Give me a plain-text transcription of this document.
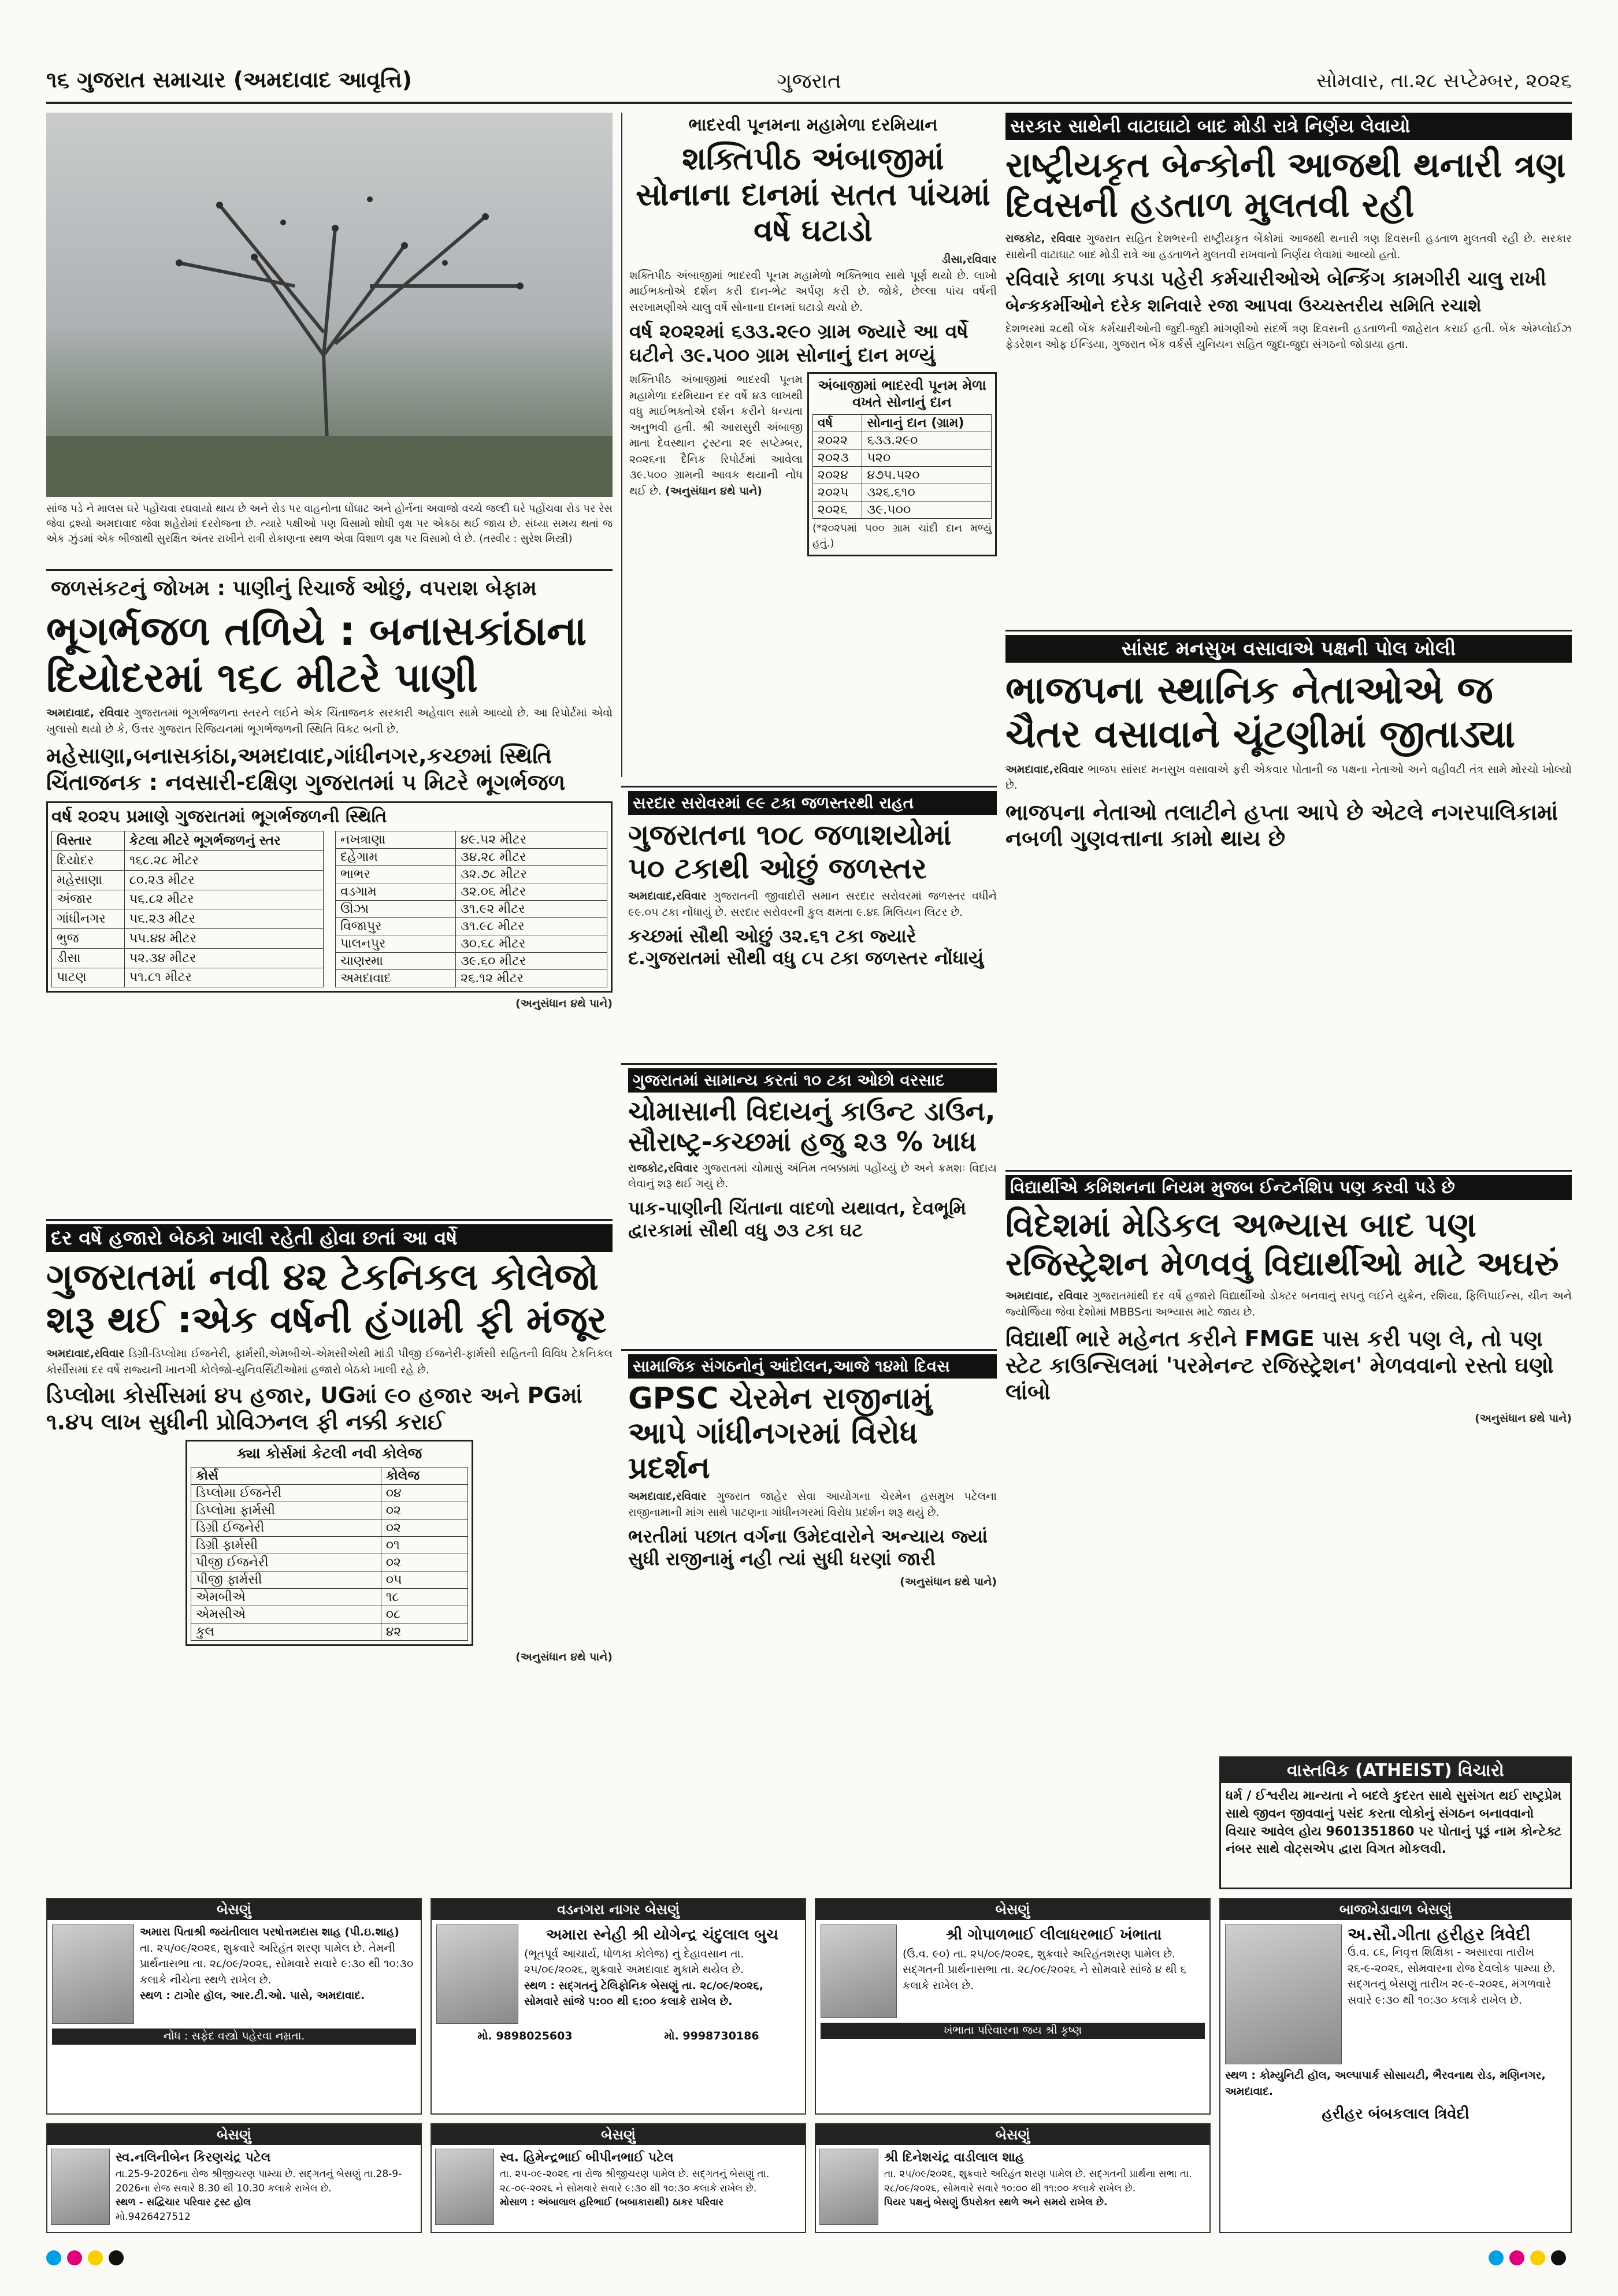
૧૬ ગુજરાત સમાચાર (અમદાવાદ આવૃત્તિ)	ગુજરાત	સોમવાર, તા.૨૮ સપ્ટેમ્બર, ૨૦૨૬
સાંજ પડે ને માલસ ઘરે પહોંચવા રઘવાયો થાય છે અને રોડ પર વાહનોના ઘોંઘાટ અને હોર્નના અવાજો વચ્ચે જલ્દી ઘરે પહોંચવા રોડ પર રેસ જેવા દ્રશ્યો અમદાવાદ જેવા શહેરોમાં દરરોજના છે. ત્યારે પક્ષીઓ પણ વિસામો શોધી વૃક્ષ પર એકઠા થઈ જાય છે. સંધ્યા સમય થતાં જ એક ઝુંડમાં એક બીજાથી સુરક્ષિત અંતર રાખીને રાત્રી રોકાણના સ્થળ એવા વિશાળ વૃક્ષ પર વિસામો લે છે. (તસ્વીર : સુરેશ મિસ્ત્રી)
ભાદરવી પૂનમના મહામેળા દરમિયાન
શક્તિપીઠ અંબાજીમાં સોનાના દાનમાં સતત પાંચમાં વર્ષે ઘટાડો
ડીસા,રવિવાર
શક્તિપીઠ અંબાજીમાં ભાદરવી પૂનમ મહામેળો ભક્તિભાવ સાથે પૂર્ણ થયો છે. લાખો માઈભક્તોએ દર્શન કરી દાન-ભેટ અર્પણ કરી છે. જોકે, છેલ્લા પાંચ વર્ષની સરખામણીએ ચાલુ વર્ષે સોનાના દાનમાં ઘટાડો થયો છે.
વર્ષ ૨૦૨૨માં ૬૩૩.૨૯૦ ગ્રામ જ્યારે આ વર્ષે ઘટીને ૩૯.૫૦૦ ગ્રામ સોનાનું દાન મળ્યું
શક્તિપીઠ અંબાજીમાં ભાદરવી પૂનમ મહામેળા દરમિયાન દર વર્ષે ૪૩ લાખથી વધુ માઈભક્તોએ દર્શન કરીને ધન્યતા અનુભવી હતી. શ્રી આરાસુરી અંબાજી માતા દેવસ્થાન ટ્રસ્ટના ૨૯ સપ્ટેમ્બર, ૨૦૨૬ના દૈનિક રિપોર્ટમાં આવેલા ૩૯.૫૦૦ ગ્રામની આવક થયાની નોંધ થઈ છે. (અનુસંધાન ૪થે પાને)
અંબાજીમાં ભાદરવી પૂનમ મેળા વખતે સોનાનું દાન
વર્ષ	સોનાનું દાન (ગ્રામ)
૨૦૨૨	૬૩૩.૨૯૦
૨૦૨૩	૫૨૦
૨૦૨૪	૪૭૫.૫૨૦
૨૦૨૫	૩૨૬.૬૧૦
૨૦૨૬	૩૯.૫૦૦
(*૨૦૨૫માં ૫૦૦ ગ્રામ ચાંદી દાન મળ્યું હતું.)
સરકાર સાથેની વાટાઘાટો બાદ મોડી રાત્રે નિર્ણય લેવાયો
રાષ્ટ્રીયકૃત બેન્કોની આજથી થનારી ત્રણ દિવસની હડતાળ મુલતવી રહી
રાજકોટ, રવિવાર ગુજરાત સહિત દેશભરની રાષ્ટ્રીયકૃત બેંકોમાં આજથી થનારી ત્રણ દિવસની હડતાળ મુલતવી રહી છે. સરકાર સાથેની વાટાઘાટ બાદ મોડી રાત્રે આ હડતાળને મુલતવી રાખવાનો નિર્ણય લેવામાં આવ્યો હતો.
રવિવારે કાળા કપડા પહેરી કર્મચારીઓએ બેન્કિંગ કામગીરી ચાલુ રાખી
બેન્કકર્મીઓને દરેક શનિવારે રજા આપવા ઉચ્ચસ્તરીય સમિતિ રચાશે
દેશભરમાં ૨૮થી બેંક કર્મચારીઓની જુદી-જુદી માંગણીઓ સંદર્ભે ત્રણ દિવસની હડતાળની જાહેરાત કરાઈ હતી. બેંક એમ્પ્લોઈઝ ફેડરેશન ઓફ ઈન્ડિયા, ગુજરાત બેંક વર્કર્સ યુનિયન સહિત જુદા-જુદા સંગઠનો જોડાયા હતા.
જળસંકટનું જોખમ : પાણીનું રિચાર્જ ઓછું, વપરાશ બેફામ
ભૂગર્ભજળ તળિયે : બનાસકાંઠાના દિયોદરમાં ૧૬૮ મીટરે પાણી
અમદાવાદ, રવિવાર ગુજરાતમાં ભૂગર્ભજળના સ્તરને લઈને એક ચિંતાજનક સરકારી અહેવાલ સામે આવ્યો છે. આ રિપોર્ટમાં એવો ખુલાસો થયો છે કે, ઉત્તર ગુજરાત રિજિયનમાં ભૂગર્ભજળની સ્થિતિ વિકટ બની છે.
મહેસાણા,બનાસકાંઠા,અમદાવાદ,ગાંધીનગર,કચ્છમાં સ્થિતિ ચિંતાજનક : નવસારી-દક્ષિણ ગુજરાતમાં ૫ મિટરે ભૂગર્ભજળ
વર્ષ ૨૦૨૫ પ્રમાણે ગુજરાતમાં ભૂગર્ભજળની સ્થિતિ
વિસ્તાર	કેટલા મીટરે ભૂગર્ભજળનું સ્તર
દિયોદર	૧૬૮.૨૮ મીટર
મહેસાણા	૮૦.૨૩ મીટર
અંજાર	૫૬.૮૨ મીટર
ગાંધીનગર	૫૬.૨૩ મીટર
ભુજ	૫૫.૪૪ મીટર
ડીસા	૫૨.૩૪ મીટર
પાટણ	૫૧.૮૧ મીટર
નખત્રાણા	૪૯.૫૨ મીટર
દહેગામ	૩૪.૨૮ મીટર
ભાભર	૩૨.૭૮ મીટર
વડગામ	૩૨.૦૬ મીટર
ઊંઝા	૩૧.૯૨ મીટર
વિજાપુર	૩૧.૯૮ મીટર
પાલનપુર	૩૦.૬૮ મીટર
ચાણસ્મા	૩૯.૬૦ મીટર
અમદાવાદ	૨૬.૧૨ મીટર
(અનુસંધાન ૪થે પાને)
સરદાર સરોવરમાં ૯૯ ટકા જળસ્તરથી રાહત
ગુજરાતના ૧૦૮ જળાશયોમાં ૫૦ ટકાથી ઓછું જળસ્તર
અમદાવાદ,રવિવાર ગુજરાતની જીવાદોરી સમાન સરદાર સરોવરમાં જળસ્તર વધીને ૯૯.૦૫ ટકા નોંધાયું છે. સરદાર સરોવરની કુલ ક્ષમતા ૯.૪૬ મિલિયન લિટર છે.
કચ્છમાં સૌથી ઓછું ૩૨.૬૧ ટકા જ્યારે દ.ગુજરાતમાં સૌથી વધુ ૮૫ ટકા જળસ્તર નોંધાયું
ગુજરાતમાં સામાન્ય કરતાં ૧૦ ટકા ઓછો વરસાદ
ચોમાસાની વિદાયનું કાઉન્ટ ડાઉન, સૌરાષ્ટ્ર-કચ્છમાં હજુ ૨૩ % ખાધ
રાજકોટ,રવિવાર ગુજરાતમાં ચોમાસું અંતિમ તબક્કામાં પહોંચ્યું છે અને ક્રમશઃ વિદાય લેવાનું શરૂ થઈ ગયું છે.
પાક-પાણીની ચિંતાના વાદળો યથાવત, દેવભૂમિ દ્વારકામાં સૌથી વધુ ૭૩ ટકા ઘટ
સાંસદ મનસુખ વસાવાએ પક્ષની પોલ ખોલી
ભાજપના સ્થાનિક નેતાઓએ જ ચૈતર વસાવાને ચૂંટણીમાં જીતાડ્યા
અમદાવાદ,રવિવાર ભાજપ સાંસદ મનસુખ વસાવાએ ફરી એકવાર પોતાની જ પક્ષના નેતાઓ અને વહીવટી તંત્ર સામે મોરચો ખોલ્યો છે.
ભાજપના નેતાઓ તલાટીને હપ્તા આપે છે એટલે નગરપાલિકામાં નબળી ગુણવત્તાના કામો થાય છે
દર વર્ષે હજારો બેઠકો ખાલી રહેતી હોવા છતાં આ વર્ષે
ગુજરાતમાં નવી ૪૨ ટેકનિકલ કોલેજો શરૂ થઈ :એક વર્ષની હંગામી ફી મંજૂર
અમદાવાદ,રવિવાર ડિગ્રી-ડિપ્લોમા ઈજનેરી, ફાર્મસી,એમબીએ-એમસીએથી માંડી પીજી ઈજનેરી-ફાર્મસી સહિતની વિવિધ ટેકનિકલ કોર્સીસમાં દર વર્ષે રાજ્યની ખાનગી કોલેજો-યુનિવર્સિટીઓમાં હજારો બેઠકો ખાલી રહે છે.
ડિપ્લોમા કોર્સીસમાં ૪૫ હજાર, UGમાં ૯૦ હજાર અને PGમાં ૧.૪૫ લાખ સુધીની પ્રોવિઝનલ ફી નક્કી કરાઈ
ક્યા કોર્સમાં કેટલી નવી કોલેજ
કોર્સ	કોલેજ
ડિપ્લોમા ઈજનેરી	૦૪
ડિપ્લોમા ફાર્મસી	૦૨
ડિગ્રી ઈજનેરી	૦૨
ડિગ્રી ફાર્મસી	૦૧
પીજી ઈજનેરી	૦૨
પીજી ફાર્મસી	૦૫
એમબીએ	૧૮
એમસીએ	૦૮
કુલ	૪૨
(અનુસંધાન ૪થે પાને)
સામાજિક સંગઠનોનું આંદોલન,આજે ૧૪મો દિવસ
GPSC ચેરમેન રાજીનામું આપે ગાંધીનગરમાં વિરોધ પ્રદર્શન
અમદાવાદ,રવિવાર ગુજરાત જાહેર સેવા આયોગના ચેરમેન હસમુખ પટેલના રાજીનામાની માંગ સાથે પાટણના ગાંધીનગરમાં વિરોધ પ્રદર્શન શરૂ થયું છે.
ભરતીમાં પછાત વર્ગના ઉમેદવારોને અન્યાય જ્યાં સુધી રાજીનામું નહી ત્યાં સુધી ધરણાં જારી
(અનુસંધાન ૪થે પાને)
વિદ્યાર્થીએ કમિશનના નિયમ મુજબ ઈન્ટર્નશિપ પણ કરવી પડે છે
વિદેશમાં મેડિકલ અભ્યાસ બાદ પણ રજિસ્ટ્રેશન મેળવવું વિદ્યાર્થીઓ માટે અઘરું
અમદાવાદ, રવિવાર ગુજરાતમાંથી દર વર્ષે હજારો વિદ્યાર્થીઓ ડોક્ટર બનવાનું સપનું લઈને યુક્રેન, રશિયા, ફિલિપાઈન્સ, ચીન અને જ્યોર્જિયા જેવા દેશોમાં MBBSના અભ્યાસ માટે જાય છે.
વિદ્યાર્થી ભારે મહેનત કરીને FMGE પાસ કરી પણ લે, તો પણ સ્ટેટ કાઉન્સિલમાં 'પરમેનન્ટ રજિસ્ટ્રેશન' મેળવવાનો રસ્તો ઘણો લાંબો
(અનુસંધાન ૪થે પાને)
વાસ્તવિક (ATHEIST) વિચારો
ધર્મ / ઈશ્વરીય માન્યતા ને બદલે કુદરત સાથે સુસંગત થઈ રાષ્ટ્રપ્રેમ સાથે જીવન જીવવાનું પસંદ કરતા લોકોનું સંગઠન બનાવવાનો વિચાર આવેલ હોય 9601351860 પર પોતાનું પૂરૂં નામ કોન્ટેક્ટ નંબર સાથે વોટ્સએપ દ્વારા વિગત મોકલવી.
બેસણું
અમારા પિતાશ્રી જયંતીલાલ પરષોત્તમદાસ શાહ (પી.ઇ.શાહ)
તા. ૨૫/૦૯/૨૦૨૬, શુક્રવારે અરિહંત શરણ પામેલ છે. તેમની પ્રાર્થનાસભા તા. ૨૮/૦૯/૨૦૨૬, સોમવારે સવારે ૯:૩૦ થી ૧૦:૩૦ કલાકે નીચેના સ્થળે રાખેલ છે.
સ્થળ : ટાગોર હૉલ, આર.ટી.ઓ. પાસે, અમદાવાદ.
નોંધ : સફેદ વસ્ત્રો પહેરવા નમ્રતા.
વડનગરા નાગર બેસણું
અમારા સ્નેહી શ્રી યોગેન્દ્ર ચંદુલાલ બુચ
(ભૂતપૂર્વ આચાર્ય, ધોળકા કોલેજ) નું દેહાવસાન તા. ૨૫/૦૯/૨૦૨૬, શુક્રવારે અમદાવાદ મુકામે થયેલ છે.
સ્થળ : સદ્ગતનું ટેલિફોનિક બેસણું તા. ૨૮/૦૯/૨૦૨૬, સોમવારે સાંજે ૫:૦૦ થી ૬:૦૦ કલાકે રાખેલ છે.
મો. 9898025603	મો. 9998730186
બેસણું
શ્રી ગોપાળભાઈ લીલાધરભાઈ ખંભાતા
(ઉ.વ. ૯૦) તા. ૨૫/૦૯/૨૦૨૬, શુક્રવારે અરિહંતશરણ પામેલ છે. સદ્ગતની પ્રાર્થનાસભા તા. ૨૮/૦૯/૨૦૨૬ ને સોમવારે સાંજે ૪ થી ૬ કલાકે રાખેલ છે.
ખંભાતા પરિવારના જય શ્રી કૃષ્ણ
બાજખેડાવાળ બેસણું
અ.સૌ.ગીતા હરીહર ત્રિવેદી
ઉં.વ. ૮૬, નિવૃત્ત શિક્ષિકા - અસારવા તારીખ ૨૬-૯-૨૦૨૬, સોમવારના રોજ દેવલોક પામ્યા છે. સદ્ગતનું બેસણું તારીખ ૨૯-૯-૨૦૨૬, મંગળવારે સવારે ૯:૩૦ થી ૧૦:૩૦ કલાકે રાખેલ છે.
સ્થળ : કોમ્યુનિટી હૉલ, અલ્પાપાર્ક સોસાયટી, ભૈરવનાથ રોડ, મણિનગર, અમદાવાદ.
હરીહર બંબકલાલ ત્રિવેદી
બેસણું
સ્વ.નલિનીબેન કિરણચંદ્ર પટેલ
તા.25-9-2026ના રોજ શ્રીજીચરણ પામ્યા છે. સદ્ગતનું બેસણું તા.28-9-2026ના રોજ સવારે 8.30 થી 10.30 કલાકે રાખેલ છે.
સ્થળ - સદ્વિચાર પરિવાર ટ્રસ્ટ હોલ
મો.9426427512
બેસણું
સ્વ. હિમેન્દ્રભાઈ બીપીનભાઈ પટેલ
તા. ૨૫-૦૯-૨૦૨૬ ના રોજ શ્રીજીચરણ પામેલ છે. સદ્ગતનું બેસણું તા. ૨૮-૦૯-૨૦૨૬ ને સોમવારે સવારે ૯:૩૦ થી ૧૦:૩૦ કલાકે રાખેલ છે.
મોસાળ : અંબાલાલ હરિભાઈ (બબાકારાથી) ઠાકર પરિવાર
બેસણું
શ્રી દિનેશચંદ્ર વાડીલાલ શાહ
તા. ૨૫/૦૯/૨૦૨૬, શુક્રવારે અરિહંત શરણ પામેલ છે. સદ્ગતની પ્રાર્થના સભા તા. ૨૮/૦૯/૨૦૨૬, સોમવારે સવારે ૧૦:૦૦ થી ૧૧:૦૦ કલાકે રાખેલ છે.
પિયર પક્ષનું બેસણું ઉપરોક્ત સ્થળે અને સમયે રાખેલ છે.
